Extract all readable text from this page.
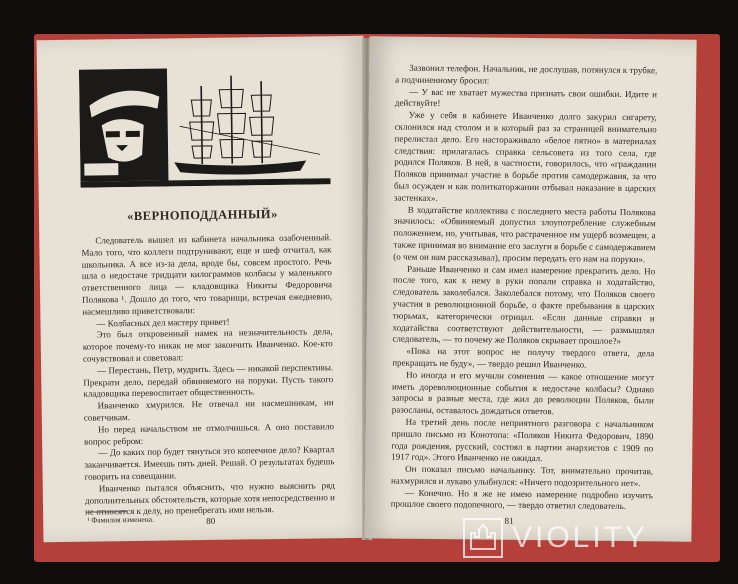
«ВЕРНОПОДДАННЫЙ»

Следователь вышел из кабинета начальника озабоченный. Мало того, что коллеги подтрунивают, еще и шеф отчитал, как школьника. А все из-за дела, вроде бы, совсем простого. Речь шла о недостаче тридцати килограммов колбасы у маленького ответственного лица — кладовщика Никиты Федоровича Полякова ¹. Дошло до того, что товарищи, встречая ежедневно, насмешливо приветствовали:

— Колбасных дел мастеру привет!

Это был откровенный намек на незначительность дела, которое почему-то никак не мог закончить Иванченко. Кое-кто сочувствовал и советовал:

— Перестань, Петр, мудрить. Здесь — никакой перспективы. Прекрати дело, передай обвиняемого на поруки. Пусть такого кладовщика перевоспитает общественность.

Иванченко хмурился. Не отвечал ни насмешникам, ни советчикам.

Но перед начальством не отмолчишься. А оно поставило вопрос ребром:

— До каких пор будет тянуться это копеечное дело? Квартал заканчивается. Имеешь пять дней. Решай. О результатах будешь говорить на совещании.

Иванченко пытался объяснить, что нужно выяснить ряд дополнительных обстоятельств, которые хотя непосредственно и не относятся к делу, но пренебрегать ими нельзя.

¹ Фамилия изменена.	80

Зазвонил телефон. Начальник, не дослушав, потянулся к трубке, а подчиненному бросил:

— У вас не хватает мужества признать свои ошибки. Идите и действуйте!

Уже у себя в кабинете Иванченко долго закурил сигарету, склонился над столом и в который раз за страницей внимательно перелистал дело. Его настораживало «белое пятно» в материалах следствия: прилагалась справка сельсовета из того села, где родился Поляков. В ней, в частности, говорилось, что «гражданин Поляков принимал участие в борьбе против самодержавия, за что был осужден и как политкаторжанин отбывал наказание в царских застенках».

В ходатайстве коллектива с последнего места работы Полякова значилось: «Обвиняемый допустил злоупотребление служебным положением, но, учитывая, что растраченное им ущерб возмещен, а также принимая во внимание его заслуги в борьбе с самодержавием (о чем он нам рассказывал), просим передать его нам на поруки».

Раньше Иванченко и сам имел намерение прекратить дело. Но после того, как к нему в руки попали справка и ходатайство, следователь заколебался. Заколебался потому, что Поляков своего участия в революционной борьбе, о факте пребывания в царских тюрьмах, категорически отрицал. «Если данные справки и ходатайства соответствуют действительности, — размышлял следователь, — то почему же Поляков скрывает прошлое?»

«Пока на этот вопрос не получу твердого ответа, дела прекращать не буду», — твердо решил Иванченко.

Но иногда и его мучили сомнения — какое отношение могут иметь дореволюционные события к недостаче колбасы? Однако запросы в разные места, где жил до революции Поляков, были разосланы, оставалось дождаться ответов.

На третий день после неприятного разговора с начальником пришло письмо из Конотопа: «Поляков Никита Федорович, 1890 года рождения, русский, состоял в партии анархистов с 1909 по 1917 год». Этого Иванченко не ожидал.

Он показал письмо начальнику. Тот, внимательно прочитав, нахмурился и лукаво улыбнулся: «Ничего подозрительного нет».

— Конечно. Но я же не имею намерение подробно изучить прошлое своего подопечного, — твердо ответил следователь.

81
VIOLITY
